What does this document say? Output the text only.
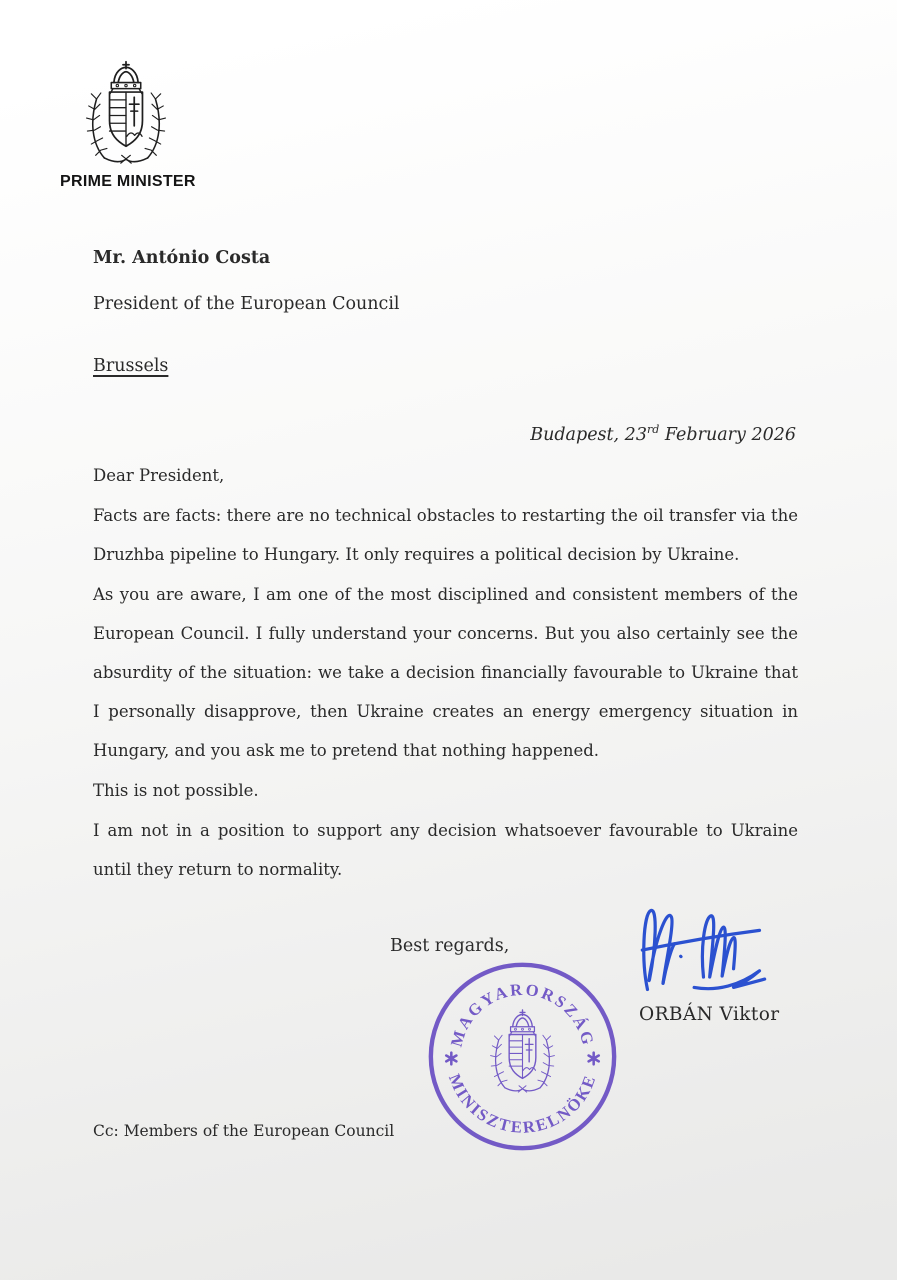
PRIME MINISTER
Mr. António Costa
President of the European Council
Brussels
Budapest, 23rd February 2026

Dear President,

Facts are facts: there are no technical obstacles to restarting the oil transfer via the Druzhba pipeline to Hungary. It only requires a political decision by Ukraine.

As you are aware, I am one of the most disciplined and consistent members of the European Council. I fully understand your concerns. But you also certainly see the absurdity of the situation: we take a decision financially favourable to Ukraine that I personally disapprove, then Ukraine creates an energy emergency situation in Hungary, and you ask me to pretend that nothing happened.

This is not possible.

I am not in a position to support any decision whatsoever favourable to Ukraine until they return to normality.

Best regards,
ORBÁN Viktor
MAGYARORSZÁG
MINISZTERELNÖKE
Cc: Members of the European Council
